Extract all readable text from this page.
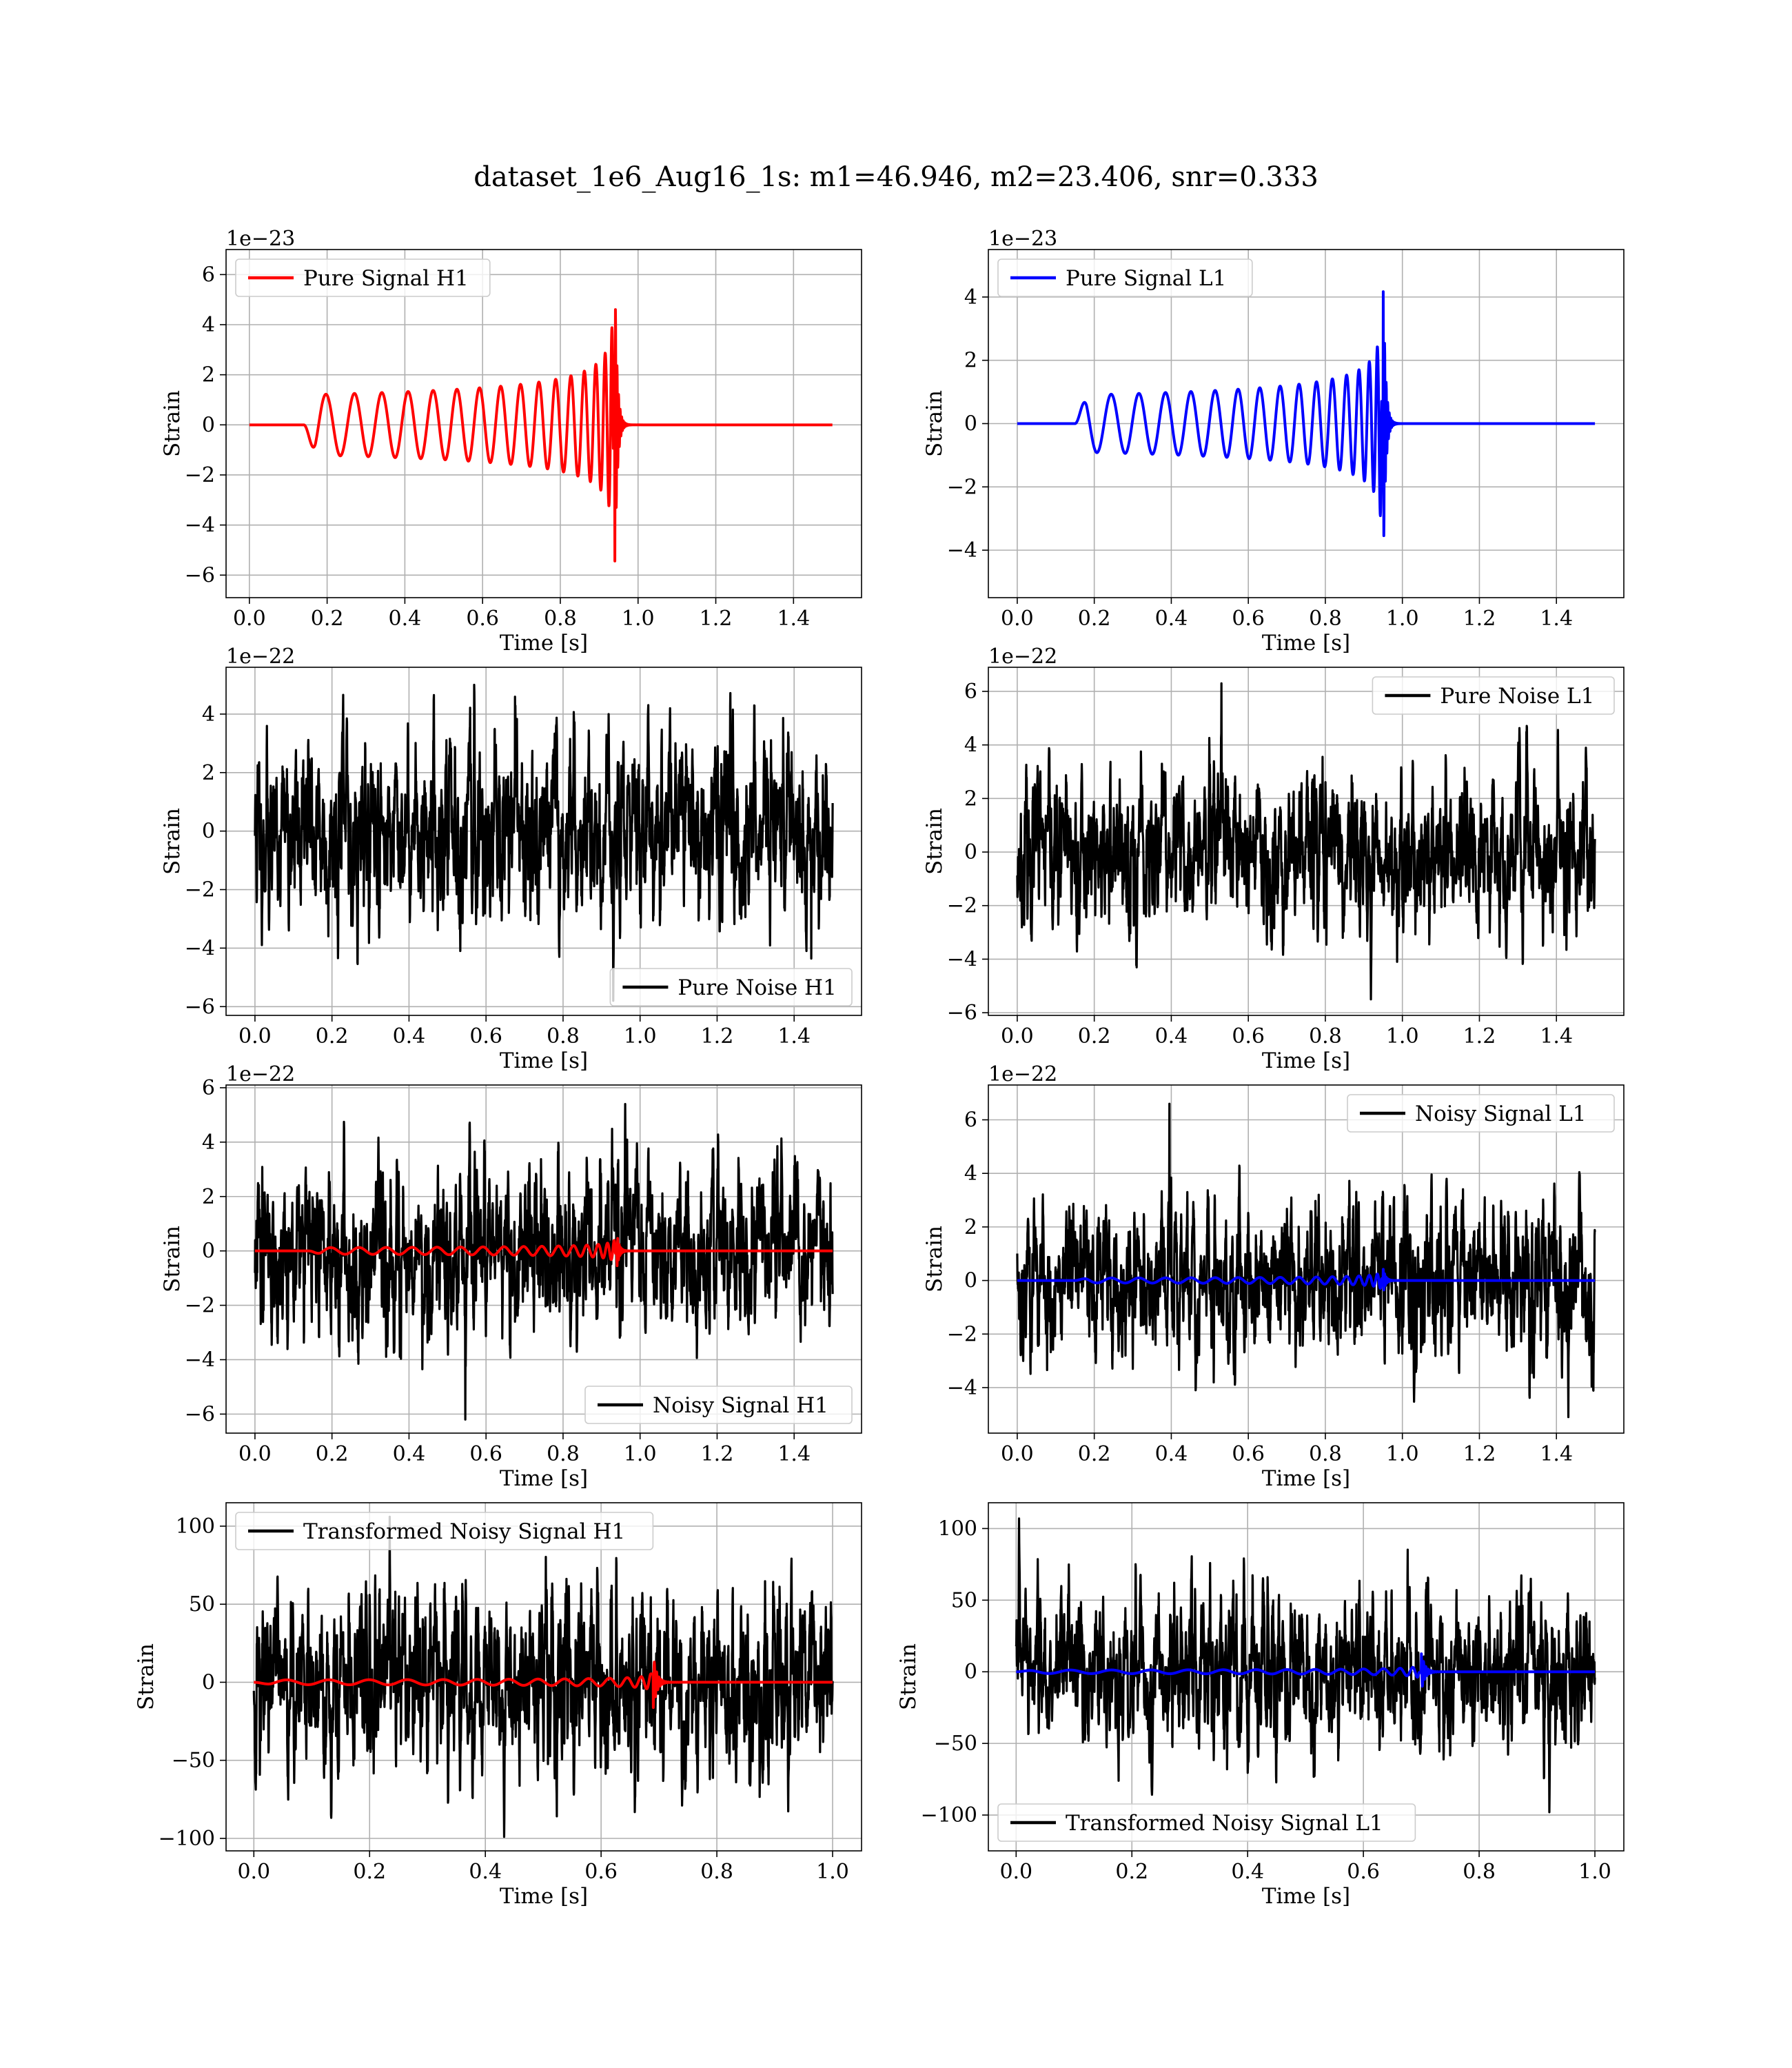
dataset_1e6_Aug16_1s: m1=46.946, m2=23.406, snr=0.333
0.0 0.2 0.4 0.6 0.8 1.0 1.2 1.4
−6
−4
−2
0
2
4
6
1e−23
Time [s]
Strain
Pure Signal H1
0.0 0.2 0.4 0.6 0.8 1.0 1.2 1.4
−4
−2
0
2
4
1e−23
Time [s]
Strain
Pure Signal L1
0.0 0.2 0.4 0.6 0.8 1.0 1.2 1.4
−6
−4
−2
0
2
4
1e−22
Time [s]
Strain
Pure Noise H1
0.0 0.2 0.4 0.6 0.8 1.0 1.2 1.4
−6
−4
−2
0
2
4
6
1e−22
Time [s]
Strain
Pure Noise L1
0.0 0.2 0.4 0.6 0.8 1.0 1.2 1.4
−6
−4
−2
0
2
4
6
1e−22
Time [s]
Strain
Noisy Signal H1
0.0 0.2 0.4 0.6 0.8 1.0 1.2 1.4
−4
−2
0
2
4
6
1e−22
Time [s]
Strain
Noisy Signal L1
0.0	0.2	0.4	0.6	0.8	1.0
−100
−50
0
50
100
Time [s]
Strain
Transformed Noisy Signal H1
0.0	0.2	0.4	0.6	0.8	1.0
−100
−50
0
50
100
Time [s]
Strain
Transformed Noisy Signal L1
